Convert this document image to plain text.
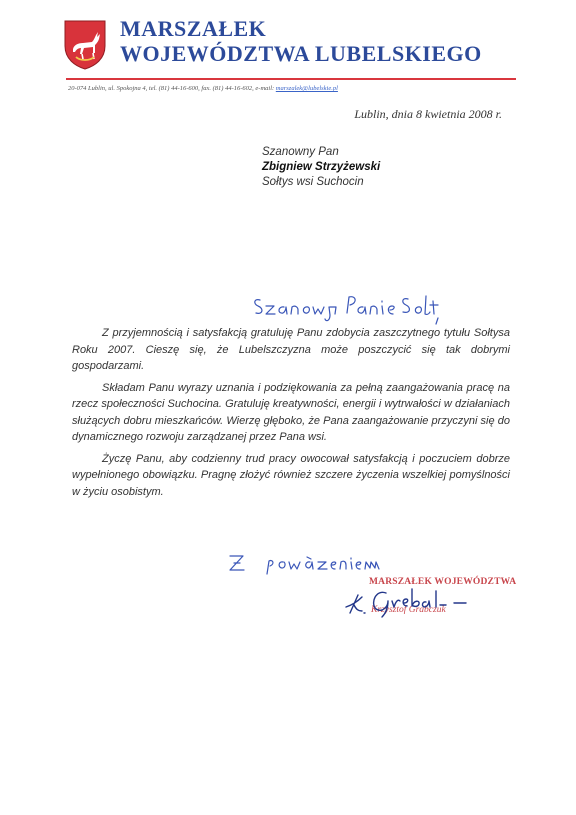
MARSZAŁEK
WOJEWÓDZTWA LUBELSKIEGO
20-074 Lublin, ul. Spokojna 4, tel. (81) 44-16-600, fax. (81) 44-16-602, e-mail: marszalek@lubelskie.pl
Lublin, dnia 8 kwietnia 2008 r.
Szanowny Pan
Zbigniew Strzyżewski
Sołtys wsi Suchocin

Z przyjemnością i satysfakcją gratuluję Panu zdobycia zaszczytnego tytułu Sołtysa Roku 2007. Cieszę się, że Lubelszczyzna może poszczycić się tak dobrymi gospodarzami.

Składam Panu wyrazy uznania i podziękowania za pełną zaangażowania pracę na rzecz społeczności Suchocina. Gratuluję kreatywności, energii i wytrwałości w działaniach służących dobru mieszkańców. Wierzę głęboko, że Pana zaangażowanie przyczyni się do dynamicznego rozwoju zarządzanej przez Pana wsi.

Życzę Panu, aby codzienny trud pracy owocował satysfakcją i poczuciem dobrze wypełnionego obowiązku. Pragnę złożyć również szczere życzenia wszelkiej pomyślności w życiu osobistym.

MARSZAŁEK WOJEWÓDZTWA
Krzysztof Grabczuk
